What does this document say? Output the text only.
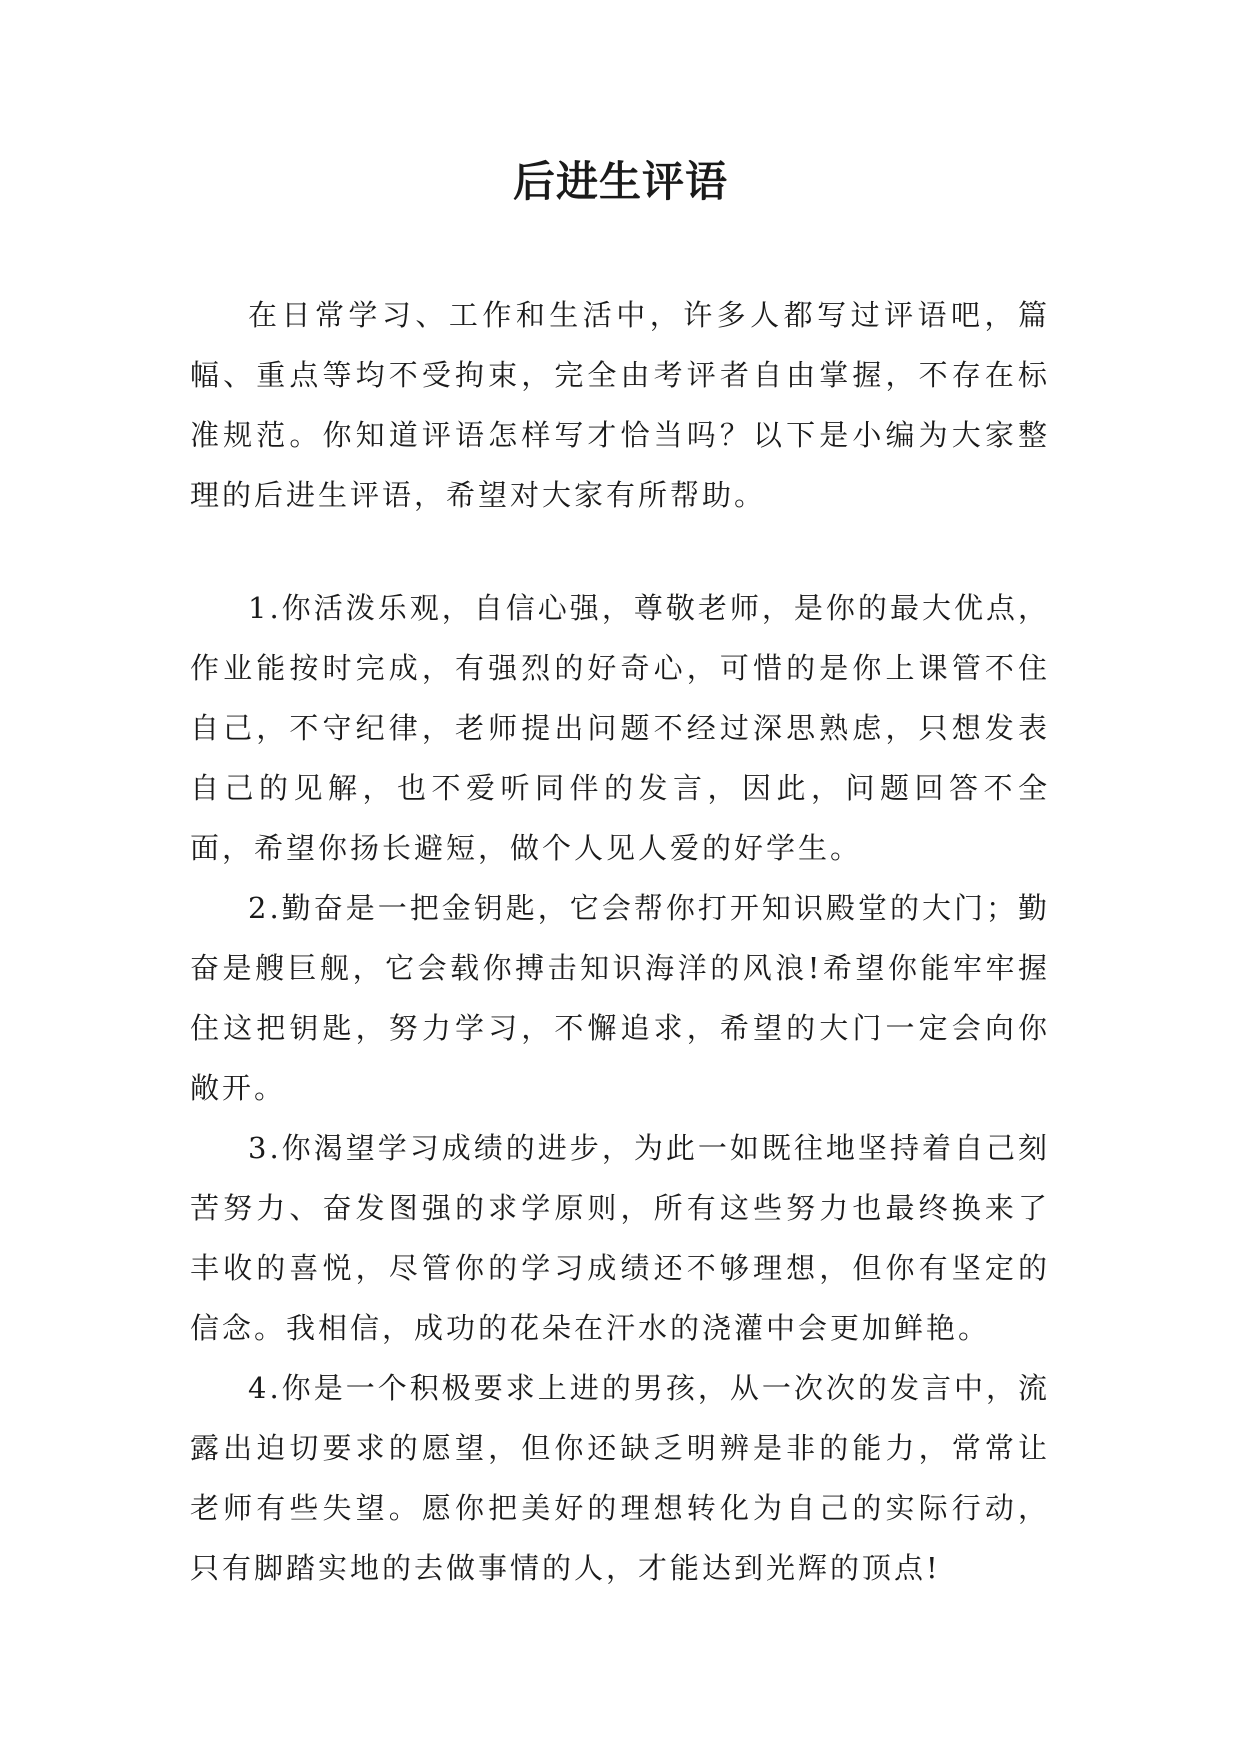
后进生评语

在日常学习、工作和生活中，许多人都写过评语吧，篇幅、重点等均不受拘束，完全由考评者自由掌握，不存在标准规范。你知道评语怎样写才恰当吗？以下是小编为大家整理的后进生评语，希望对大家有所帮助。

1.你活泼乐观，自信心强，尊敬老师，是你的最大优点，作业能按时完成，有强烈的好奇心，可惜的是你上课管不住自己，不守纪律，老师提出问题不经过深思熟虑，只想发表自己的见解，也不爱听同伴的发言，因此，问题回答不全面，希望你扬长避短，做个人见人爱的好学生。

2.勤奋是一把金钥匙，它会帮你打开知识殿堂的大门；勤奋是艘巨舰，它会载你搏击知识海洋的风浪!希望你能牢牢握住这把钥匙，努力学习，不懈追求，希望的大门一定会向你敞开。

3.你渴望学习成绩的进步，为此一如既往地坚持着自己刻苦努力、奋发图强的求学原则，所有这些努力也最终换来了丰收的喜悦，尽管你的学习成绩还不够理想，但你有坚定的信念。我相信，成功的花朵在汗水的浇灌中会更加鲜艳。

4.你是一个积极要求上进的男孩，从一次次的发言中，流露出迫切要求的愿望，但你还缺乏明辨是非的能力，常常让老师有些失望。愿你把美好的理想转化为自己的实际行动，只有脚踏实地的去做事情的人，才能达到光辉的顶点!
